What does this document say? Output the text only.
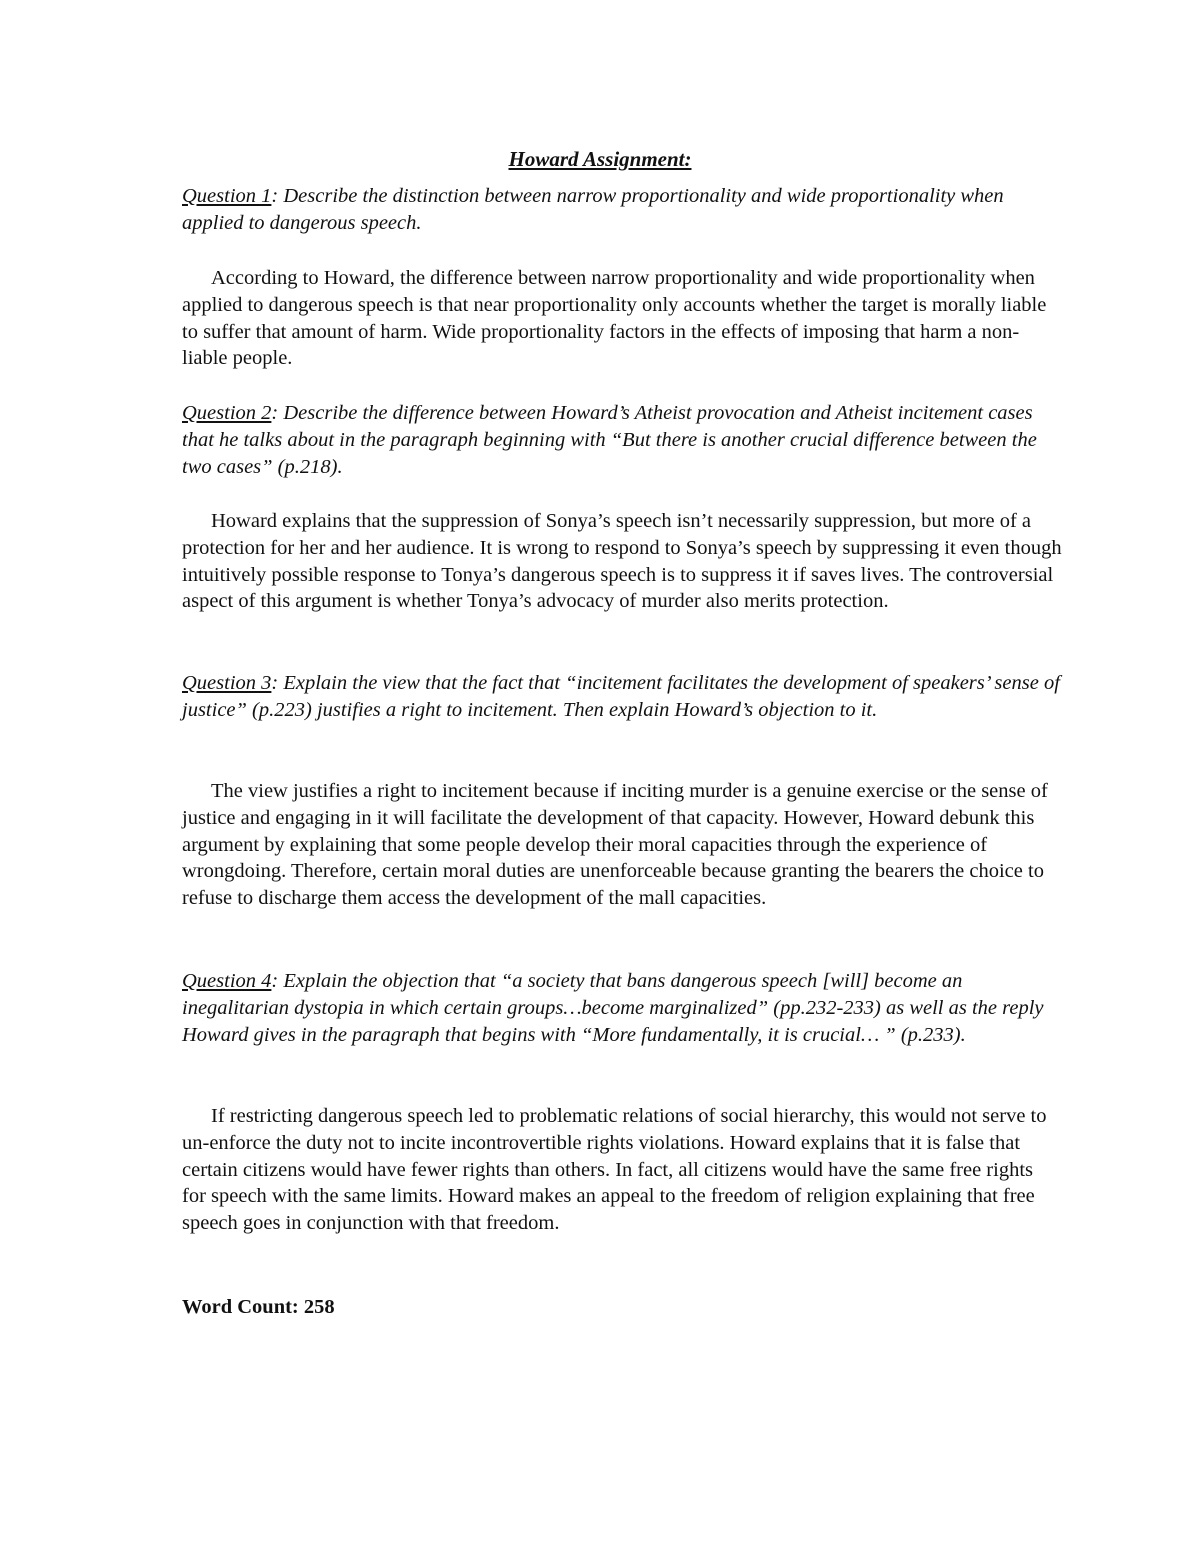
Howard Assignment:

Question 1: Describe the distinction between narrow proportionality and wide proportionality when applied to dangerous speech.

According to Howard, the difference between narrow proportionality and wide proportionality when applied to dangerous speech is that near proportionality only accounts whether the target is morally liable to suffer that amount of harm. Wide proportionality factors in the effects of imposing that harm a non-liable people.

Question 2: Describe the difference between Howard’s Atheist provocation and Atheist incitement cases that he talks about in the paragraph beginning with “But there is another crucial difference between the two cases” (p.218).

Howard explains that the suppression of Sonya’s speech isn’t necessarily suppression, but more of a protection for her and her audience. It is wrong to respond to Sonya’s speech by suppressing it even though intuitively possible response to Tonya’s dangerous speech is to suppress it if saves lives. The controversial aspect of this argument is whether Tonya’s advocacy of murder also merits protection.

Question 3: Explain the view that the fact that “incitement facilitates the development of speakers’ sense of justice” (p.223) justifies a right to incitement. Then explain Howard’s objection to it.

The view justifies a right to incitement because if inciting murder is a genuine exercise or the sense of justice and engaging in it will facilitate the development of that capacity. However, Howard debunk this argument by explaining that some people develop their moral capacities through the experience of wrongdoing. Therefore, certain moral duties are unenforceable because granting the bearers the choice to refuse to discharge them access the development of the mall capacities.

Question 4: Explain the objection that “a society that bans dangerous speech [will] become an inegalitarian dystopia in which certain groups…become marginalized” (pp.232-233) as well as the reply Howard gives in the paragraph that begins with “More fundamentally, it is crucial… ” (p.233).

If restricting dangerous speech led to problematic relations of social hierarchy, this would not serve to un-enforce the duty not to incite incontrovertible rights violations. Howard explains that it is false that certain citizens would have fewer rights than others. In fact, all citizens would have the same free rights for speech with the same limits. Howard makes an appeal to the freedom of religion explaining that free speech goes in conjunction with that freedom.

Word Count: 258
